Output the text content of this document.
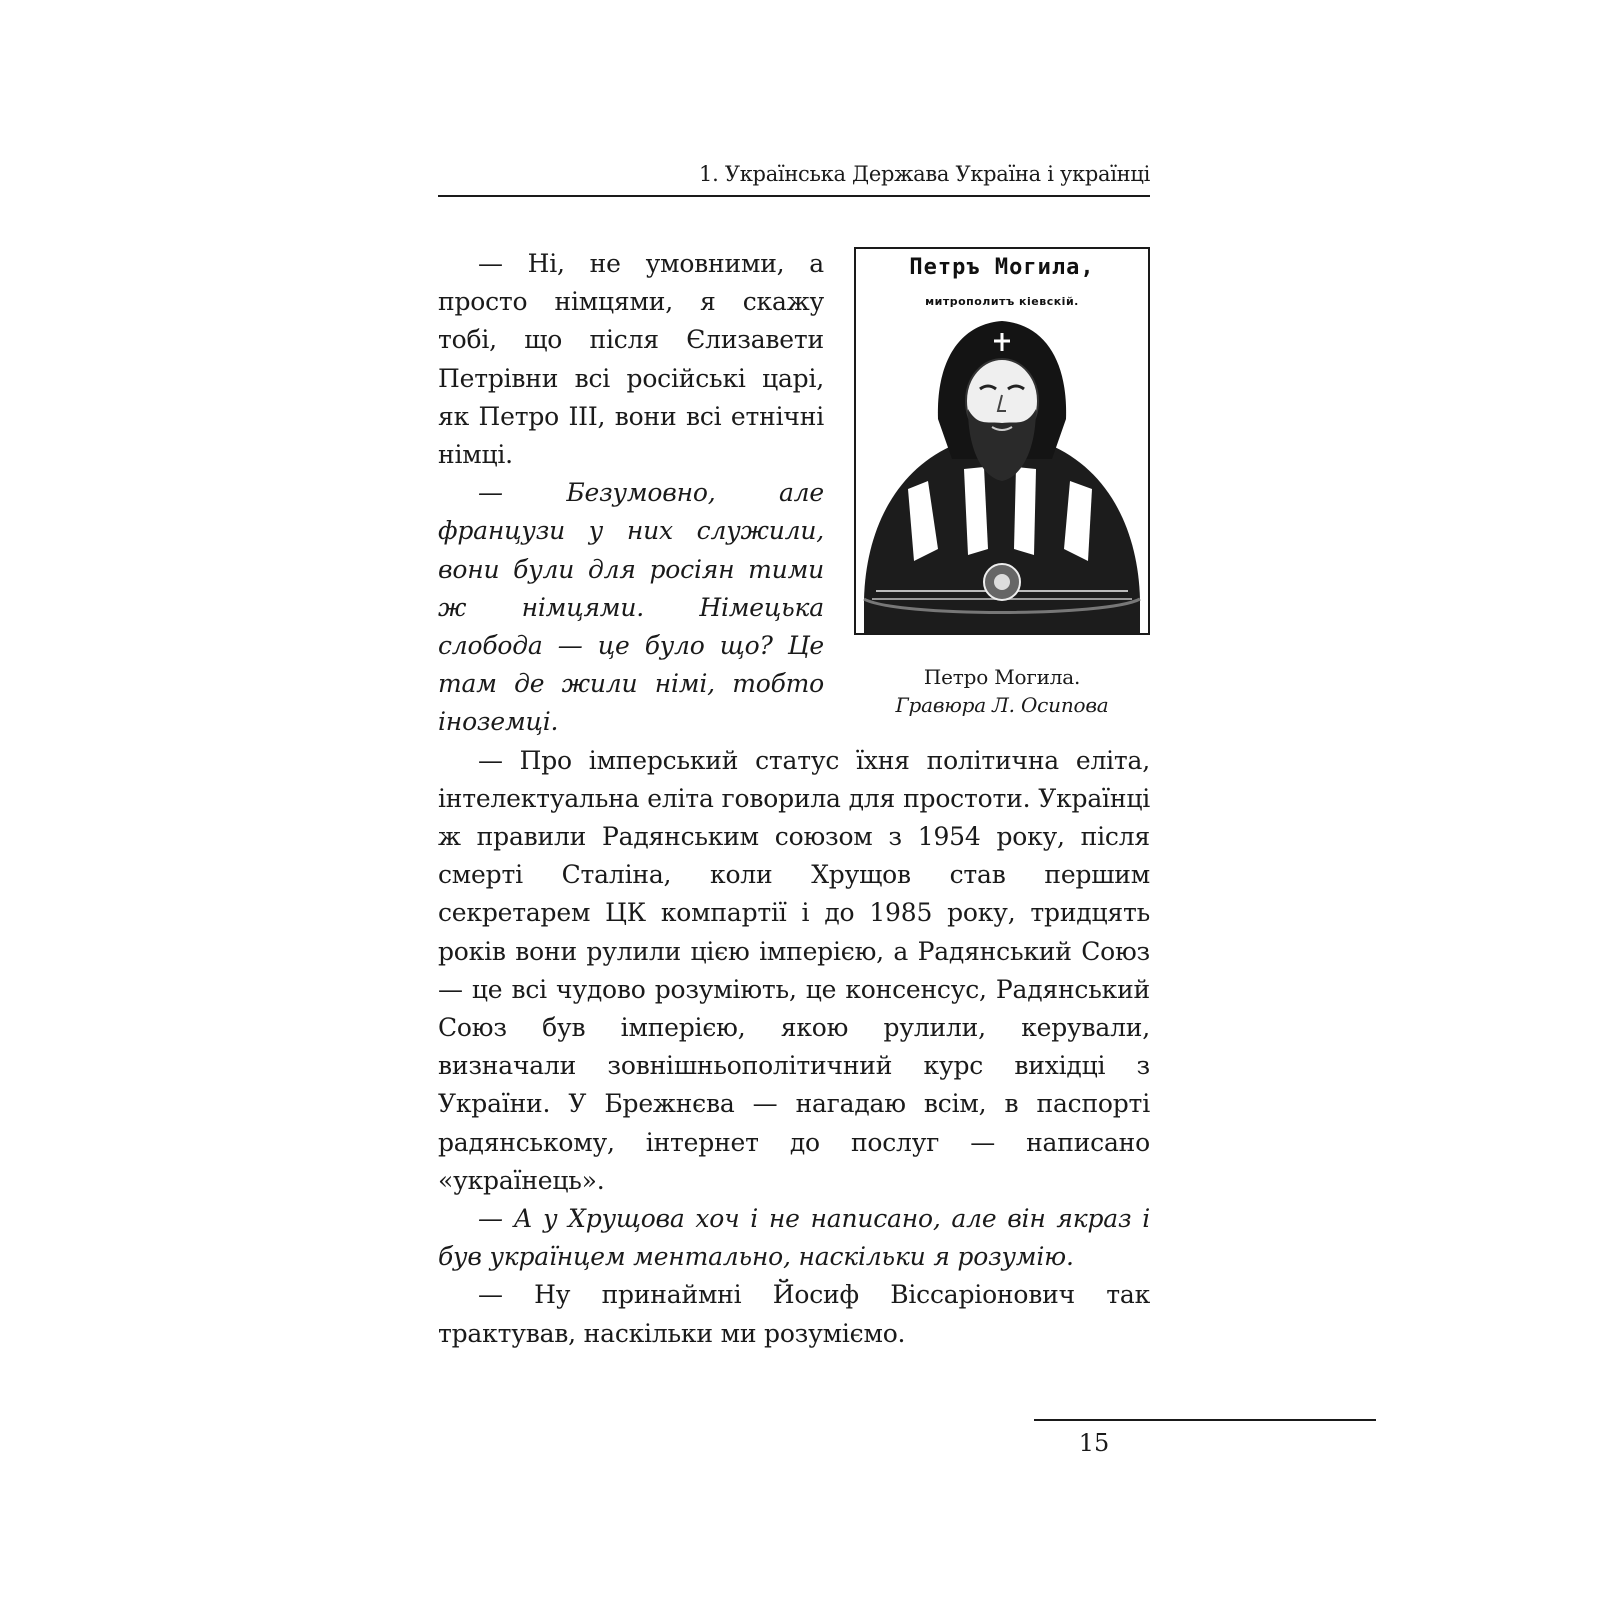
1. Українська Держава Україна і українці
Петръ Могила,
митрополитъ кіевскій.
Петро Могила.
Гравюра Л. Осипова

— Ні, не умовними, а просто німцями, я скажу тобі, що після Єлизавети Петрівни всі російські царі, як Петро ІІІ, вони всі етнічні німці.

— Безумовно, але французи у них служили, вони були для росіян тими ж німцями. Німецька слобода — це було що? Це там де жили німі, тобто іноземці.

— Про імперський статус їхня політична еліта, інтелектуальна еліта говорила для простоти. Українці ж правили Радянським союзом з 1954 року, після смерті Сталіна, коли Хрущов став першим секретарем ЦК компартії і до 1985 року, тридцять років вони рулили цією імперією, а Радянський Союз — це всі чудово розуміють, це консенсус, Радянський Союз був імперією, якою рулили, керували, визначали зовнішньополітичний курс вихідці з України. У Брежнєва — нагадаю всім, в паспорті радянському, інтернет до послуг — написано «українець».

— А у Хрущова хоч і не написано, але він якраз і був українцем ментально, наскільки я розумію.

— Ну принаймні Йосиф Віссаріонович так трактував, наскільки ми розуміємо.

15
